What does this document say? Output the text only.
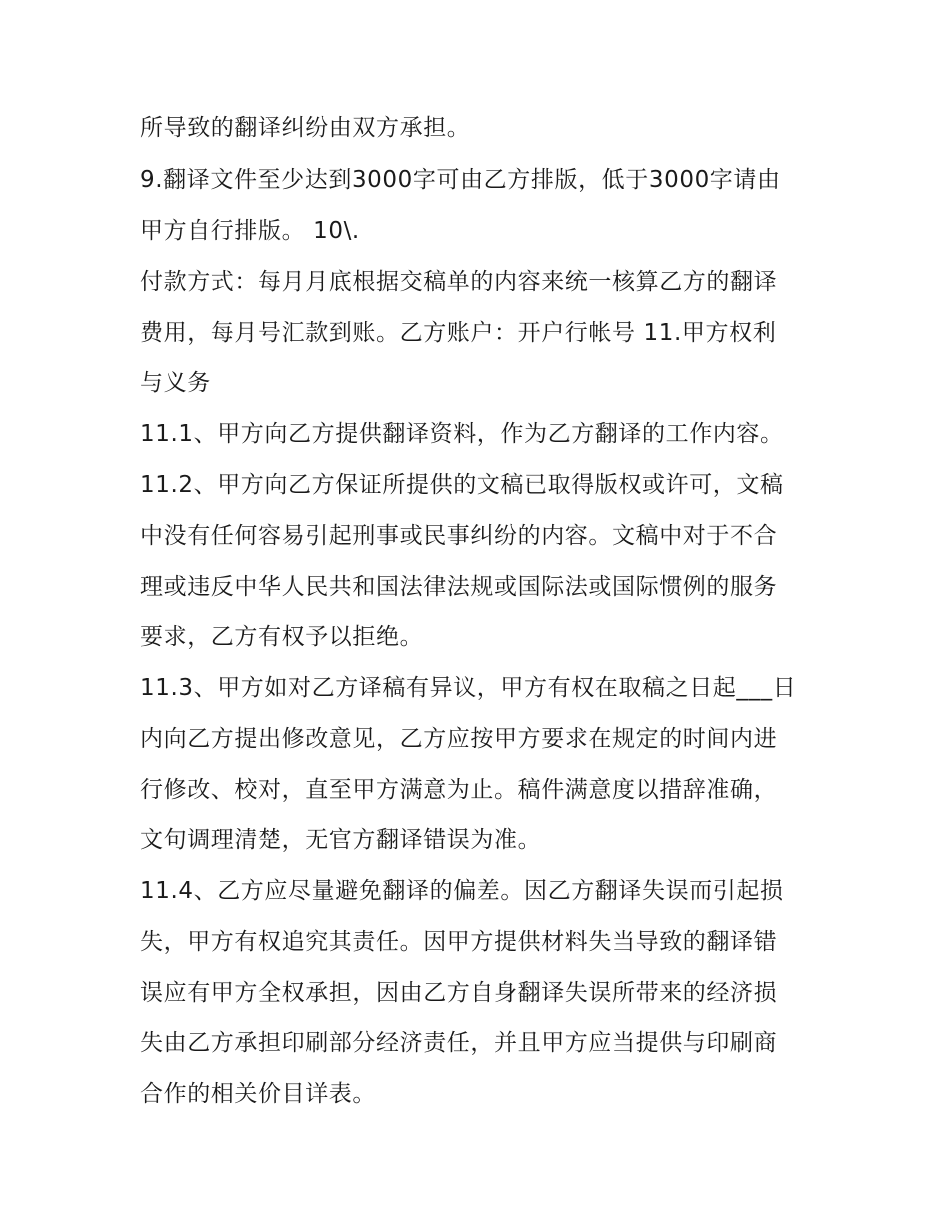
所导致的翻译纠纷由双方承担。
9.翻译文件至少达到3000字可由乙方排版，低于3000字请由
甲方自行排版。 10\.
付款方式：每月月底根据交稿单的内容来统一核算乙方的翻译
费用，每月号汇款到账。乙方账户：开户行帐号 11.甲方权利
与义务
11.1、甲方向乙方提供翻译资料，作为乙方翻译的工作内容。
11.2、甲方向乙方保证所提供的文稿已取得版权或许可，文稿
中没有任何容易引起刑事或民事纠纷的内容。文稿中对于不合
理或违反中华人民共和国法律法规或国际法或国际惯例的服务
要求，乙方有权予以拒绝。
11.3、甲方如对乙方译稿有异议，甲方有权在取稿之日起___日
内向乙方提出修改意见，乙方应按甲方要求在规定的时间内进
行修改、校对，直至甲方满意为止。稿件满意度以措辞准确，
文句调理清楚，无官方翻译错误为准。
11.4、乙方应尽量避免翻译的偏差。因乙方翻译失误而引起损
失，甲方有权追究其责任。因甲方提供材料失当导致的翻译错
误应有甲方全权承担，因由乙方自身翻译失误所带来的经济损
失由乙方承担印刷部分经济责任，并且甲方应当提供与印刷商
合作的相关价目详表。
